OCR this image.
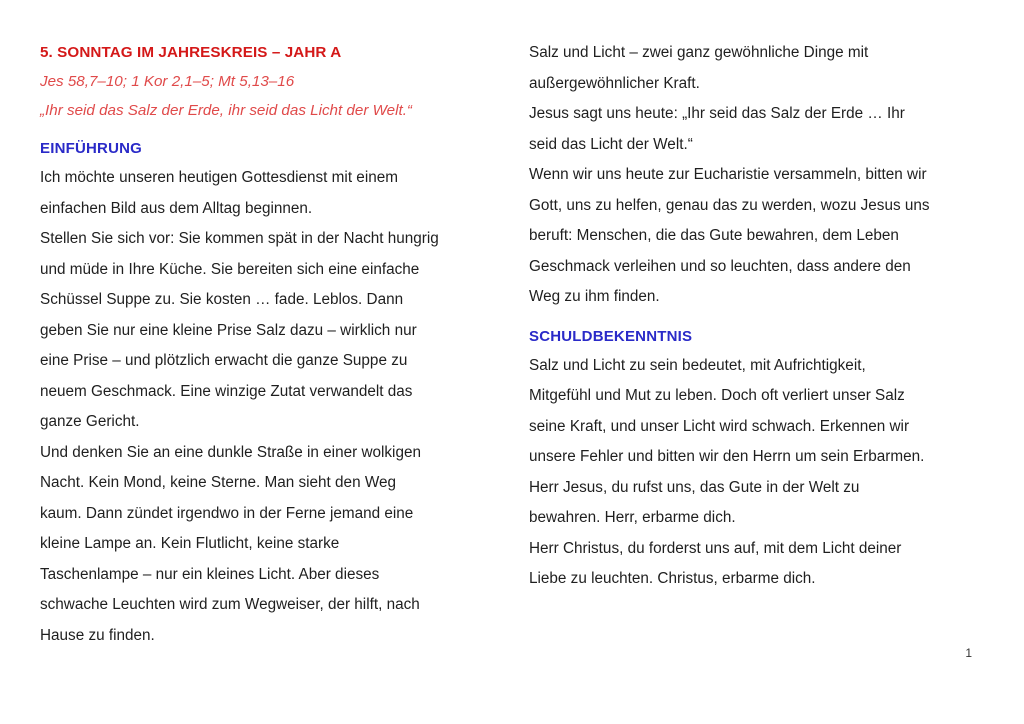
5. SONNTAG IM JAHRESKREIS – JAHR A
Jes 58,7–10; 1 Kor 2,1–5; Mt 5,13–16
„Ihr seid das Salz der Erde, ihr seid das Licht der Welt.“
EINFÜHRUNG

Ich möchte unseren heutigen Gottesdienst mit einem
einfachen Bild aus dem Alltag beginnen.

Stellen Sie sich vor: Sie kommen spät in der Nacht hungrig
und müde in Ihre Küche. Sie bereiten sich eine einfache
Schüssel Suppe zu. Sie kosten … fade. Leblos. Dann
geben Sie nur eine kleine Prise Salz dazu – wirklich nur
eine Prise – und plötzlich erwacht die ganze Suppe zu
neuem Geschmack. Eine winzige Zutat verwandelt das
ganze Gericht.

Und denken Sie an eine dunkle Straße in einer wolkigen
Nacht. Kein Mond, keine Sterne. Man sieht den Weg
kaum. Dann zündet irgendwo in der Ferne jemand eine
kleine Lampe an. Kein Flutlicht, keine starke
Taschenlampe – nur ein kleines Licht. Aber dieses
schwache Leuchten wird zum Wegweiser, der hilft, nach
Hause zu finden.

Salz und Licht – zwei ganz gewöhnliche Dinge mit
außergewöhnlicher Kraft.

Jesus sagt uns heute: „Ihr seid das Salz der Erde … Ihr
seid das Licht der Welt.“

Wenn wir uns heute zur Eucharistie versammeln, bitten wir
Gott, uns zu helfen, genau das zu werden, wozu Jesus uns
beruft: Menschen, die das Gute bewahren, dem Leben
Geschmack verleihen und so leuchten, dass andere den
Weg zu ihm finden.

SCHULDBEKENNTNIS

Salz und Licht zu sein bedeutet, mit Aufrichtigkeit,
Mitgefühl und Mut zu leben. Doch oft verliert unser Salz
seine Kraft, und unser Licht wird schwach. Erkennen wir
unsere Fehler und bitten wir den Herrn um sein Erbarmen.

Herr Jesus, du rufst uns, das Gute in der Welt zu
bewahren. Herr, erbarme dich.

Herr Christus, du forderst uns auf, mit dem Licht deiner
Liebe zu leuchten. Christus, erbarme dich.

1
